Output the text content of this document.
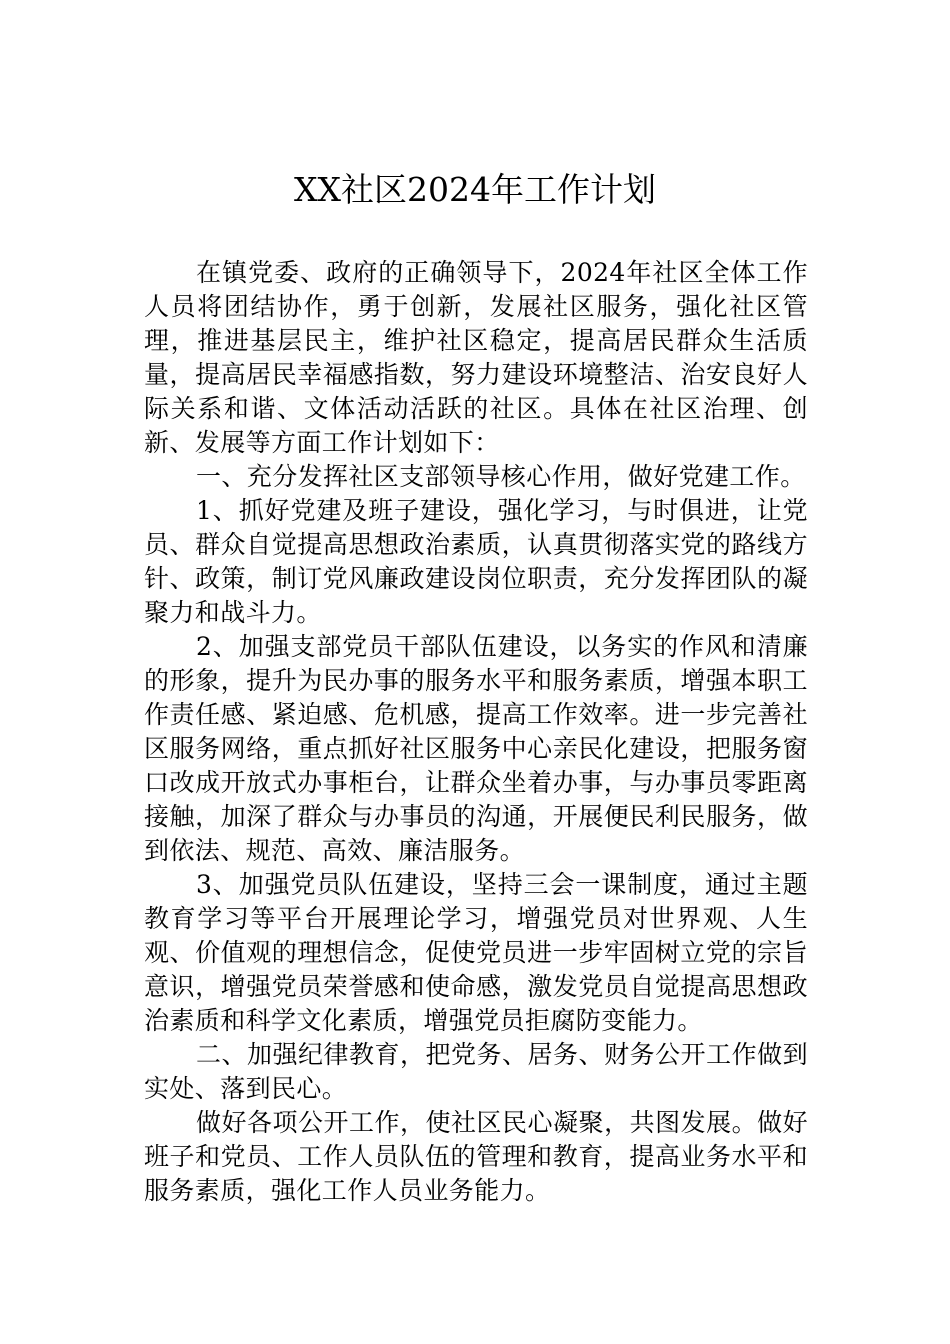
XX社区2024年工作计划

在镇党委、政府的正确领导下，2024年社区全体工作人员将团结协作，勇于创新，发展社区服务，强化社区管理，推进基层民主，维护社区稳定，提高居民群众生活质量，提高居民幸福感指数，努力建设环境整洁、治安良好人际关系和谐、文体活动活跃的社区。具体在社区治理、创新、发展等方面工作计划如下：

一、充分发挥社区支部领导核心作用，做好党建工作。

1、抓好党建及班子建设，强化学习，与时俱进，让党员、群众自觉提高思想政治素质，认真贯彻落实党的路线方针、政策，制订党风廉政建设岗位职责，充分发挥团队的凝聚力和战斗力。

2、加强支部党员干部队伍建设，以务实的作风和清廉的形象，提升为民办事的服务水平和服务素质，增强本职工作责任感、紧迫感、危机感，提高工作效率。进一步完善社区服务网络，重点抓好社区服务中心亲民化建设，把服务窗口改成开放式办事柜台，让群众坐着办事，与办事员零距离接触，加深了群众与办事员的沟通，开展便民利民服务，做到依法、规范、高效、廉洁服务。

3、加强党员队伍建设，坚持三会一课制度，通过主题教育学习等平台开展理论学习，增强党员对世界观、人生观、价值观的理想信念，促使党员进一步牢固树立党的宗旨意识，增强党员荣誉感和使命感，激发党员自觉提高思想政治素质和科学文化素质，增强党员拒腐防变能力。

二、加强纪律教育，把党务、居务、财务公开工作做到实处、落到民心。

做好各项公开工作，使社区民心凝聚，共图发展。做好班子和党员、工作人员队伍的管理和教育，提高业务水平和服务素质，强化工作人员业务能力。
